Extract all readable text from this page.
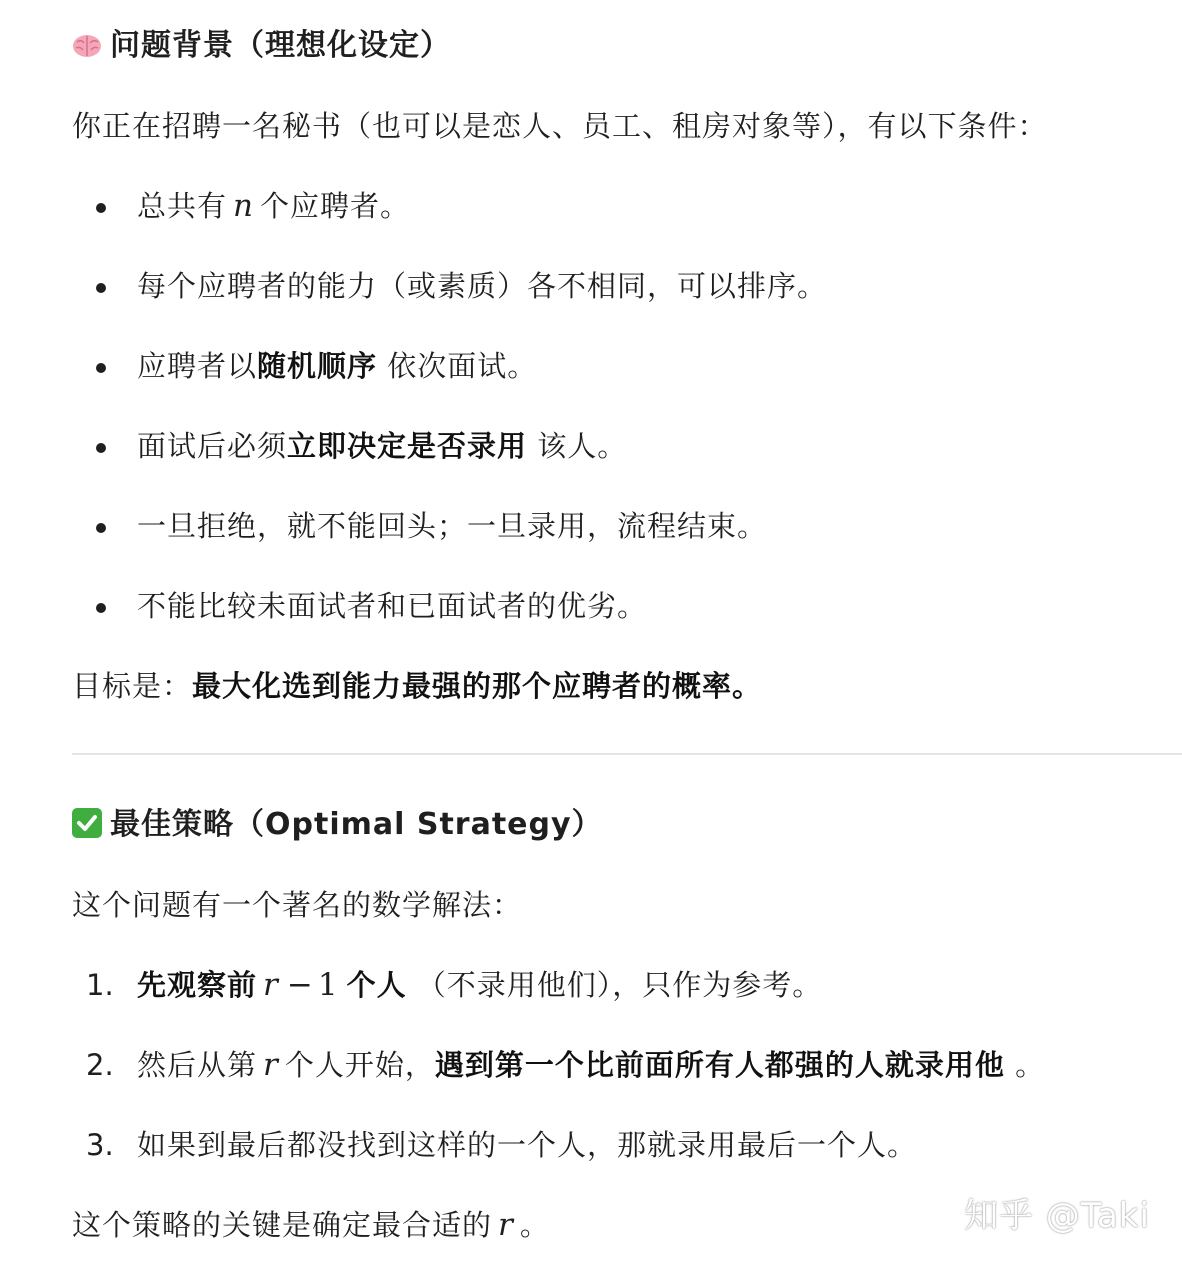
问题背景（理想化设定）
你正在招聘一名秘书（也可以是恋人、员工、租房对象等），有以下条件：
总共有 n 个应聘者。
每个应聘者的能力（或素质）各不相同，可以排序。
应聘者以随机顺序 依次面试。
面试后必须立即决定是否录用 该人。
一旦拒绝，就不能回头；一旦录用，流程结束。
不能比较未面试者和已面试者的优劣。
目标是：最大化选到能力最强的那个应聘者的概率。
最佳策略（Optimal Strategy）
这个问题有一个著名的数学解法：
1. 先观察前 r − 1 个人 （不录用他们），只作为参考。
2. 然后从第 r 个人开始，遇到第一个比前面所有人都强的人就录用他 。
3. 如果到最后都没找到这样的一个人，那就录用最后一个人。
这个策略的关键是确定最合适的 r 。	知乎 @Taki
